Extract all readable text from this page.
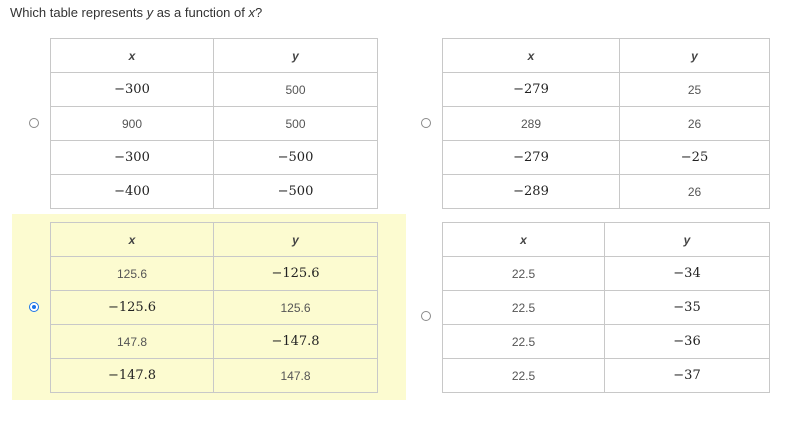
Which table represents y as a function of x?
x	y
−300	500
900	500
−300	−500
−400	−500
x	y
−279	25
289	26
−279	−25
−289	26
x	y
125.6	−125.6
−125.6	125.6
147.8	−147.8
−147.8	147.8
x	y
22.5	−34
22.5	−35
22.5	−36
22.5	−37
